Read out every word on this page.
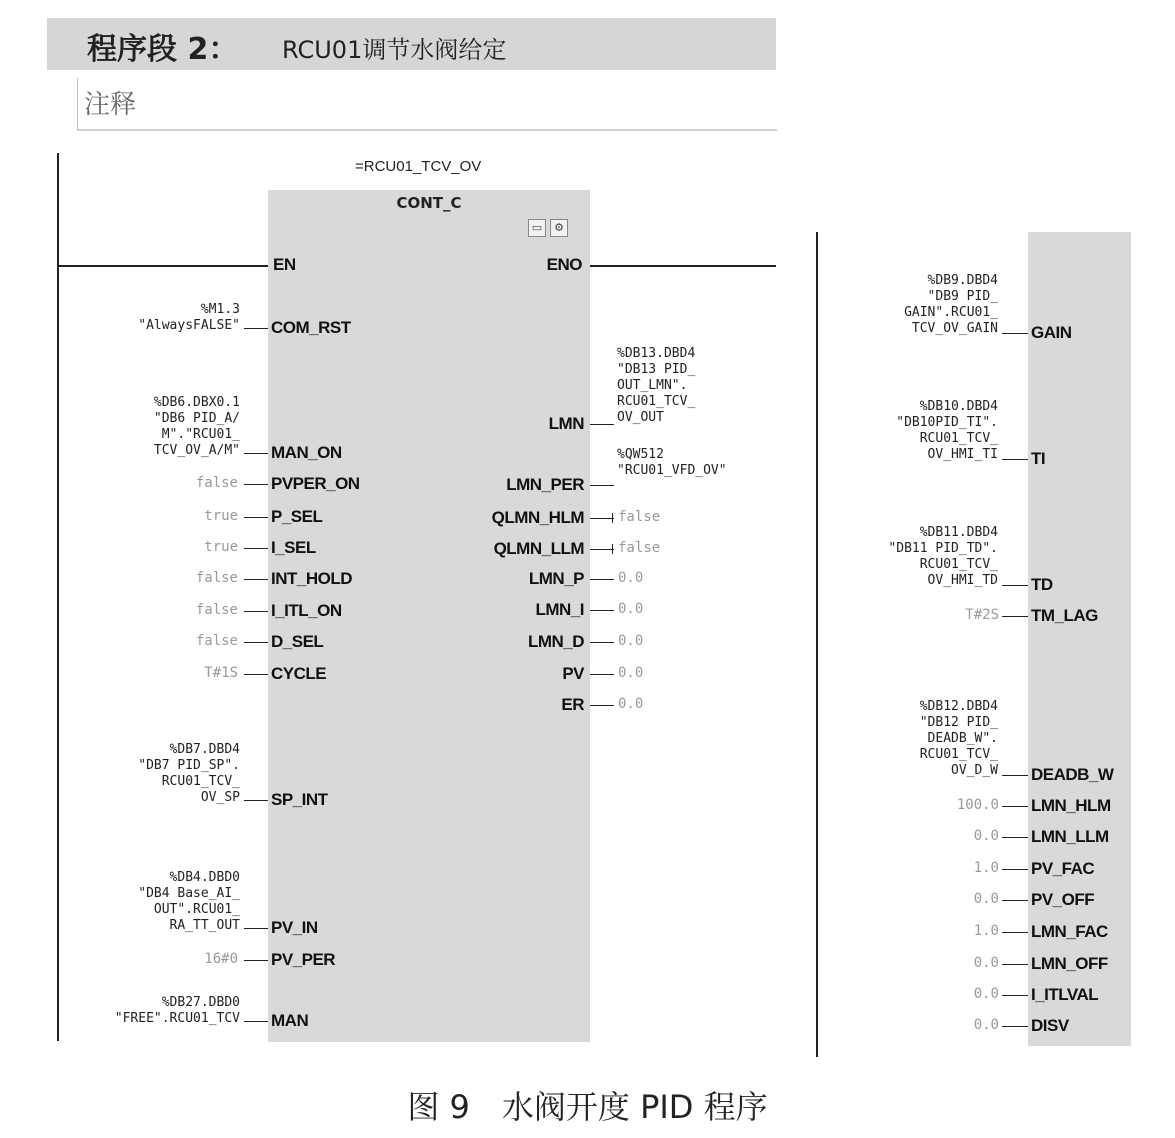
程序段 2： RCU01调节水阀给定
注释
=RCU01_TCV_OV
CONT_C
▭	⚙
EN	ENO
COM_RST
%M1.3
"AlwaysFALSE"
MAN_ON
%DB6.DBX0.1
"DB6 PID_A/
M"."RCU01_
TCV_OV_A/M"
PVPER_ON
false
P_SEL
true
I_SEL
true
INT_HOLD
false
I_ITL_ON
false
D_SEL
false
CYCLE
T#1S
SP_INT
%DB7.DBD4
"DB7 PID_SP".
RCU01_TCV_
OV_SP
PV_IN
%DB4.DBD0
"DB4 Base_AI_
OUT".RCU01_
RA_TT_OUT
PV_PER
16#0
MAN
%DB27.DBD0
"FREE".RCU01_TCV
LMN
%DB13.DBD4
"DB13 PID_
OUT_LMN".
RCU01_TCV_
OV_OUT
LMN_PER
%QW512
"RCU01_VFD_OV"
QLMN_HLM false
QLMN_LLM false
LMN_P 0.0
LMN_I 0.0
LMN_D 0.0
PV 0.0
ER 0.0
GAIN
%DB9.DBD4
"DB9 PID_
GAIN".RCU01_
TCV_OV_GAIN
TI
%DB10.DBD4
"DB10PID_TI".
RCU01_TCV_
OV_HMI_TI
TD
%DB11.DBD4
"DB11 PID_TD".
RCU01_TCV_
OV_HMI_TD
TM_LAG
T#2S
DEADB_W
%DB12.DBD4
"DB12 PID_
DEADB_W".
RCU01_TCV_
OV_D_W
LMN_HLM
100.0
LMN_LLM
0.0
PV_FAC
1.0
PV_OFF
0.0
LMN_FAC
1.0
LMN_OFF
0.0
I_ITLVAL
0.0
DISV
0.0
图 9　水阀开度 PID 程序
